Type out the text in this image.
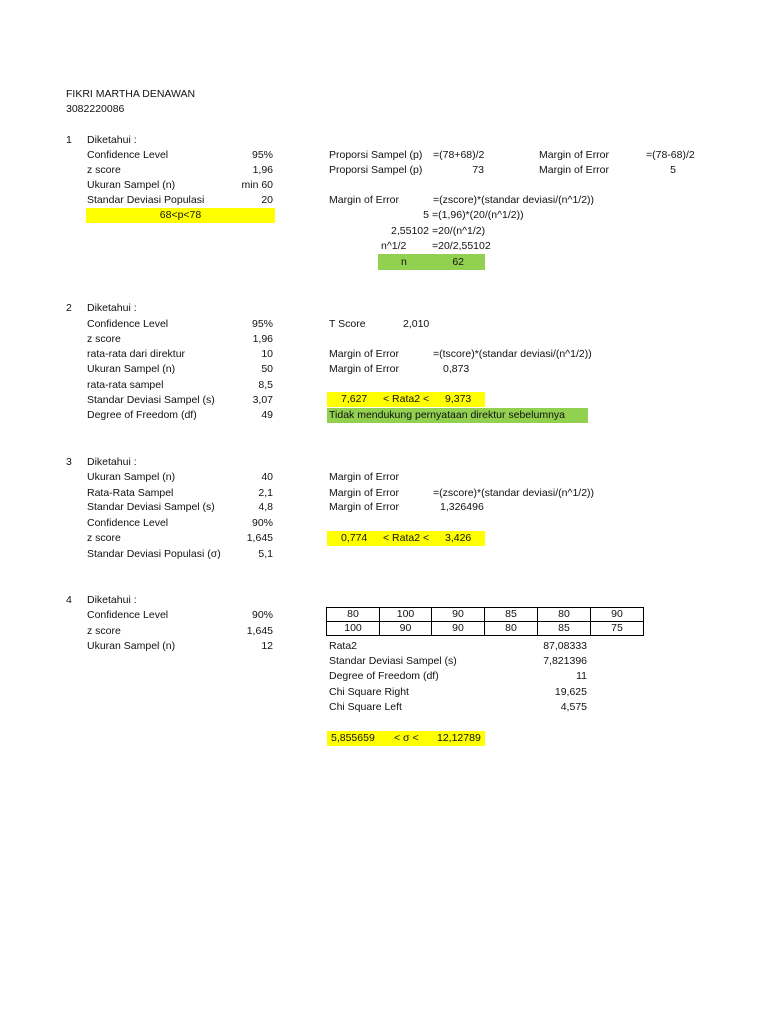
FIKRI MARTHA DENAWAN
3082220086
1	Diketahui :
Confidence Level	95%
z score	1,96
Ukuran Sampel (n)	min 60
Standar Deviasi Populasi	20
68<p<78
Proporsi Sampel (p) =(78+68)/2
Proporsi Sampel (p)	73
Margin of Error	=(78-68)/2
Margin of Error	5
Margin of Error	=(zscore)*(standar deviasi/(n^1/2))
5 =(1,96)*(20/(n^1/2))
2,55102 =20/(n^1/2)
n^1/2 =20/2,55102
n	62
2	Diketahui :
Confidence Level	95%
z score	1,96
rata-rata dari direktur	10
Ukuran Sampel (n)	50
rata-rata sampel	8,5
Standar Deviasi Sampel (s)	3,07
Degree of Freedom (df)	49
T Score	2,010
Margin of Error	=(tscore)*(standar deviasi/(n^1/2))
Margin of Error	0,873
7,627 < Rata2 < 9,373
Tidak mendukung pernyataan direktur sebelumnya
3	Diketahui :
Ukuran Sampel (n)	40
Rata-Rata Sampel	2,1
Standar Deviasi Sampel (s)	4,8
Confidence Level	90%
z score	1,645
Standar Deviasi Populasi (σ)	5,1
Margin of Error
Margin of Error	=(zscore)*(standar deviasi/(n^1/2))
Margin of Error	1,326496
0,774 < Rata2 < 3,426
4	Diketahui :
Confidence Level	90%
z score	1,645
Ukuran Sampel (n)	12
80	100	90	85	80	90
100	90	90	80	85	75
Rata2	87,08333
Standar Deviasi Sampel (s)	7,821396
Degree of Freedom (df)	11
Chi Square Right	19,625
Chi Square Left	4,575
5,855659 < σ < 12,12789
